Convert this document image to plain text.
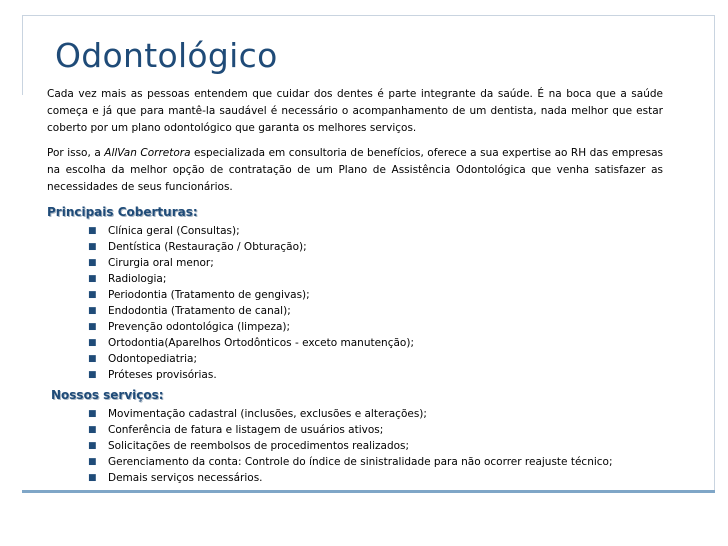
Odontológico

Cada vez mais as pessoas entendem que cuidar dos dentes é parte integrante da saúde. É na boca que a saúde começa e já que para mantê-la saudável é necessário o acompanhamento de um dentista, nada melhor que estar coberto por um plano odontológico que garanta os melhores serviços.

Por isso, a AllVan Corretora especializada em consultoria de benefícios, oferece a sua expertise ao RH das empresas na escolha da melhor opção de contratação de um Plano de Assistência Odontológica que venha satisfazer as necessidades de seus funcionários.

Principais Coberturas:
■ Clínica geral (Consultas);
■ Dentística (Restauração / Obturação);
■ Cirurgia oral menor;
■ Radiologia;
■ Periodontia (Tratamento de gengivas);
■ Endodontia (Tratamento de canal);
■ Prevenção odontológica (limpeza);
■ Ortodontia(Aparelhos Ortodônticos - exceto manutenção);
■ Odontopediatria;
■ Próteses provisórias.
Nossos serviços:
■ Movimentação cadastral (inclusões, exclusões e alterações);
■ Conferência de fatura e listagem de usuários ativos;
■ Solicitações de reembolsos de procedimentos realizados;
■ Gerenciamento da conta: Controle do índice de sinistralidade para não ocorrer reajuste técnico;
■ Demais serviços necessários.
